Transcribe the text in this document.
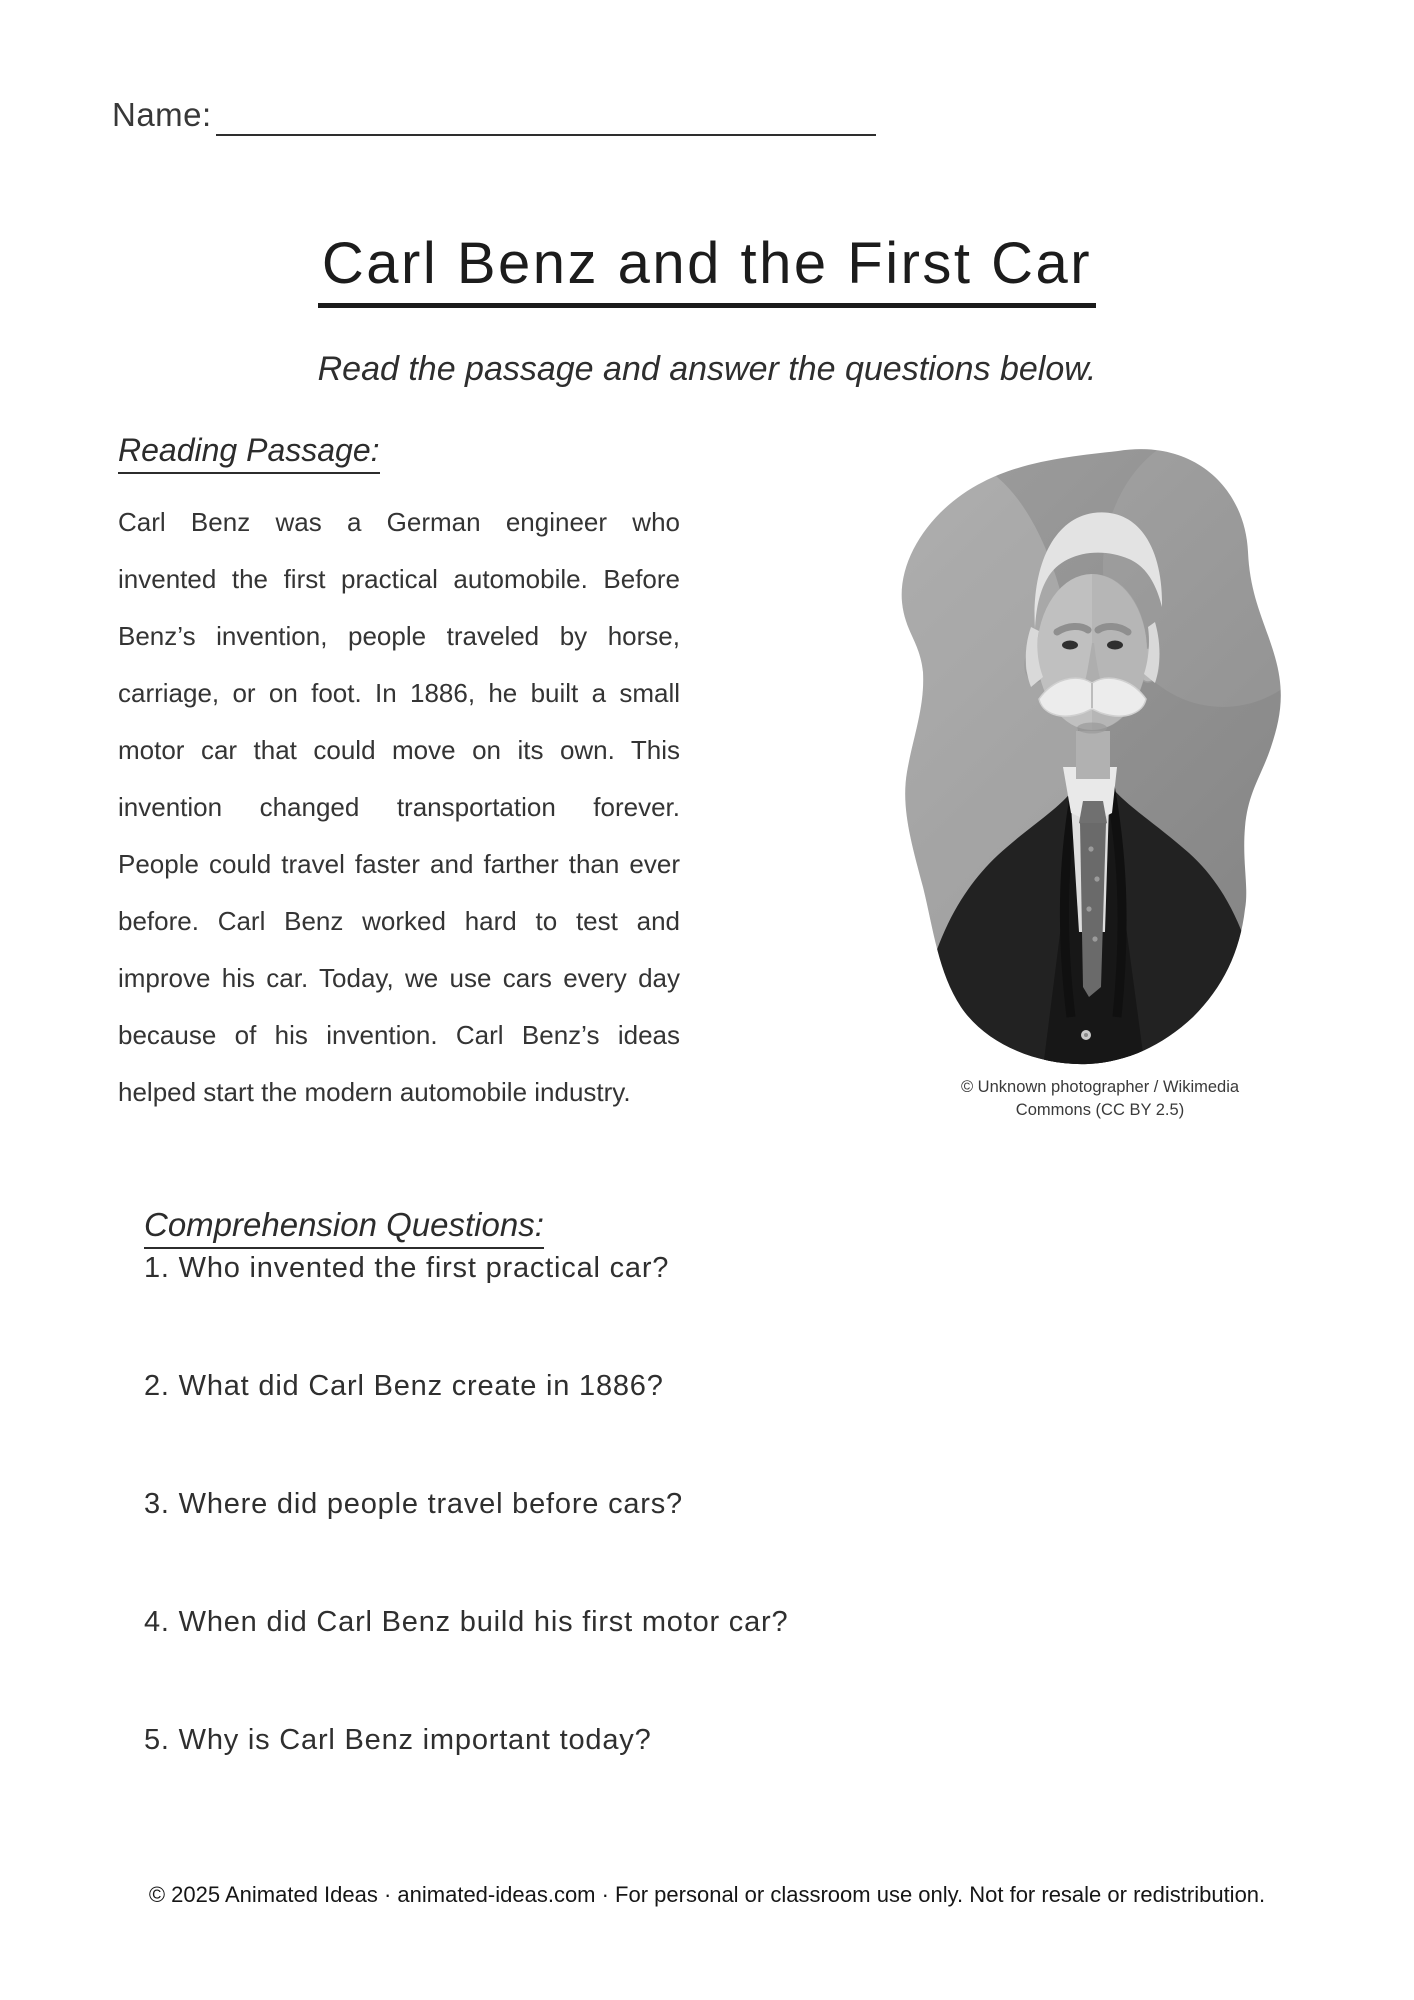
Name:
Carl Benz and the First Car
Read the passage and answer the questions below.
Reading Passage:
Carl Benz was a German engineer who
invented the first practical automobile. Before
Benz’s invention, people traveled by horse,
carriage, or on foot. In 1886, he built a small
motor car that could move on its own. This
invention changed transportation forever.
People could travel faster and farther than ever
before. Carl Benz worked hard to test and
improve his car. Today, we use cars every day
because of his invention. Carl Benz’s ideas
helped start the modern automobile industry.	© Unknown photographer / Wikimedia
Commons (CC BY 2.5)
Comprehension Questions:
1. Who invented the first practical car?
2. What did Carl Benz create in 1886?
3. Where did people travel before cars?
4. When did Carl Benz build his first motor car?
5. Why is Carl Benz important today?
© 2025 Animated Ideas · animated-ideas.com · For personal or classroom use only. Not for resale or redistribution.
